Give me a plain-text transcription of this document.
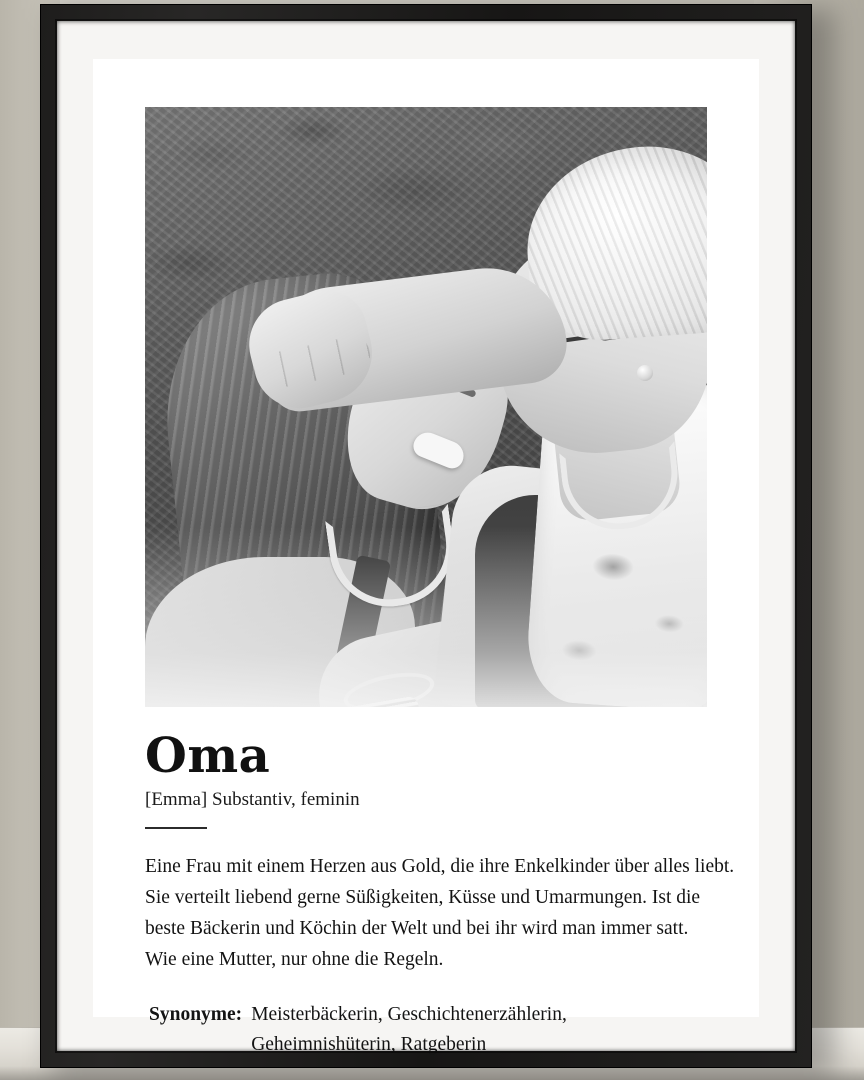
Oma
[Emma] Substantiv, feminin
Eine Frau mit einem Herzen aus Gold, die ihre Enkelkinder über alles liebt.
Sie verteilt liebend gerne Süßigkeiten, Küsse und Umarmungen. Ist die
beste Bäckerin und Köchin der Welt und bei ihr wird man immer satt.
Wie eine Mutter, nur ohne die Regeln.
Synonyme: Meisterbäckerin, Geschichtenerzählerin, Geheimnishüterin, Ratgeberin
